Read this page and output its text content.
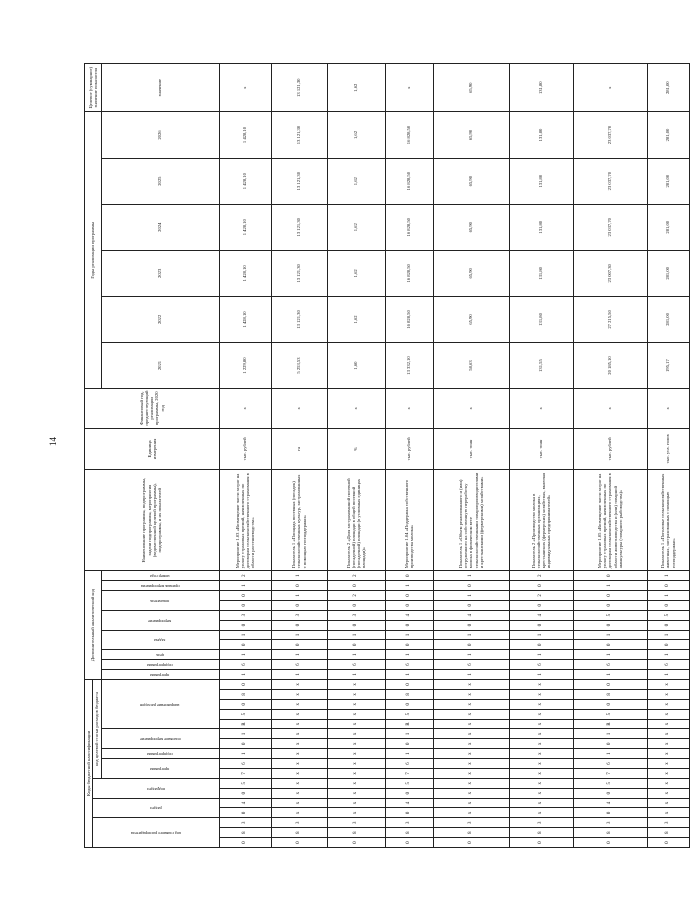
14
Коды бюджетной классификации																	Дополнительный аналитический код											Наименование программы, подпрограммы, задачи подпрограммы, мероприятия (ведомственной целевой программы), подпрограммы, и их показателей	Единица измерения	Финансовый год, предшествующий реализации программы, 2020 год	Годы реализации программы						Целевое (суммарное) значение показателя

код главного распорядителя			раздел		подраздел		код целевой статьи расходов бюджета																														

							программа		подпрограмма	основное мероприятие		направление расходов					программа	подпрограмма	цель	задача		мероприятие		показатель		признак мероприятия	номер года				2021	2022	2023	2024	2025	2026	значение
0	8	3	0	4	0	5	7	6	1	0	1	R	5	0	8	0	1	6	1	0	1	0	3	0	0	1	2	Мероприятие 1.03 «Возмещение части затрат на уплату страховых премий, начисленных по договорам сельскохозяйственного страхования в области растениеводства»	тыс. рублей	x	1 229,80	1 428,10	1 428,10	1 428,10	1 428,10	1 428,10	x
0	8	3	x	x	x	x	x	x	x	x	x	x	x	x	x	x	1	6	1	0	1	0	3	0	1	0	1	Показатель 1 «Площадь посевных (посадок) сельскохозяйственных культур, застрахованных с помощью господдержки»	га	x	5 253,53	13 121,30	13 121,30	13 121,30	13 121,30	13 121,30	13 121,30
0	8	3	x	x	x	x	x	x	x	x	x	x	x	x	x	x	1	6	1	0	1	0	3	0	2	0	2	Показатель 2 «Доля застрахованной посевной (посадочной) площади в общей посевной (посадочной) площади (в условных единицах площади)»	%	x	1,60	1,62	1,62	1,62	1,62	1,62	1,62
0	8	3	0	4	0	5	7	6	1	0	1	R	5	0	8	0	1	6	1	0	1	0	4	0	0	1	0	Мероприятие 1.04 «Поддержка собственного производства молока»	тыс. рублей	x	13 332,10	16 828,50	16 828,50	16 828,50	16 828,50	16 828,50	x
0	8	3	x	x	x	x	x	x	x	x	x	x	x	x	x	x	1	6	1	0	1	0	4	0	1	0	1	Показатель 1 «Объем реализованного и (или) отгруженного на собственную переработку молока в физическом весе сельскохозяйственными товаропроизводителями и крестьянскими (фермерскими) хозяйствами»	тыс. тонн	x	58,63	65,90	65,90	65,90	65,90	65,90	65,90
0	8	3	x	x	x	x	x	x	x	x	x	x	x	x	x	x	1	6	1	0	1	0	4	0	2	0	2	Показатель 2 «Производство молока в сельскохозяйственных организациях, крестьянских (фермерских) хозяйствах, включая индивидуальных предпринимателей»	тыс. тонн	x	131,55	131,80	131,80	131,80	131,80	131,80	131,80
0	8	3	0	4	0	5	7	6	1	0	1	R	5	0	8	0	1	6	1	0	1	0	5	0	0	1	0	Мероприятие 1.05 «Возмещение части затрат на уплату страховых премий, начисленных по договорам сельскохозяйственного страхования в области животноводства и (или) товарной аквакультуры (товарного рыбоводства)»	тыс. рублей	x	20 185,10	27 215,50	23 007,30	23 037,70	23 037,70	23 037,70	x
0	8	3	x	x	x	x	x	x	x	x	x	x	x	x	x	x	1	6	1	0	1	0	5	0	1	0	1	Показатель 1 «Поголовье сельскохозяйственных животных, застрахованных с помощью господдержки»	тыс. усл. голов	x	195,17	281,00	281,00	281,00	281,00	281,00	281,00
